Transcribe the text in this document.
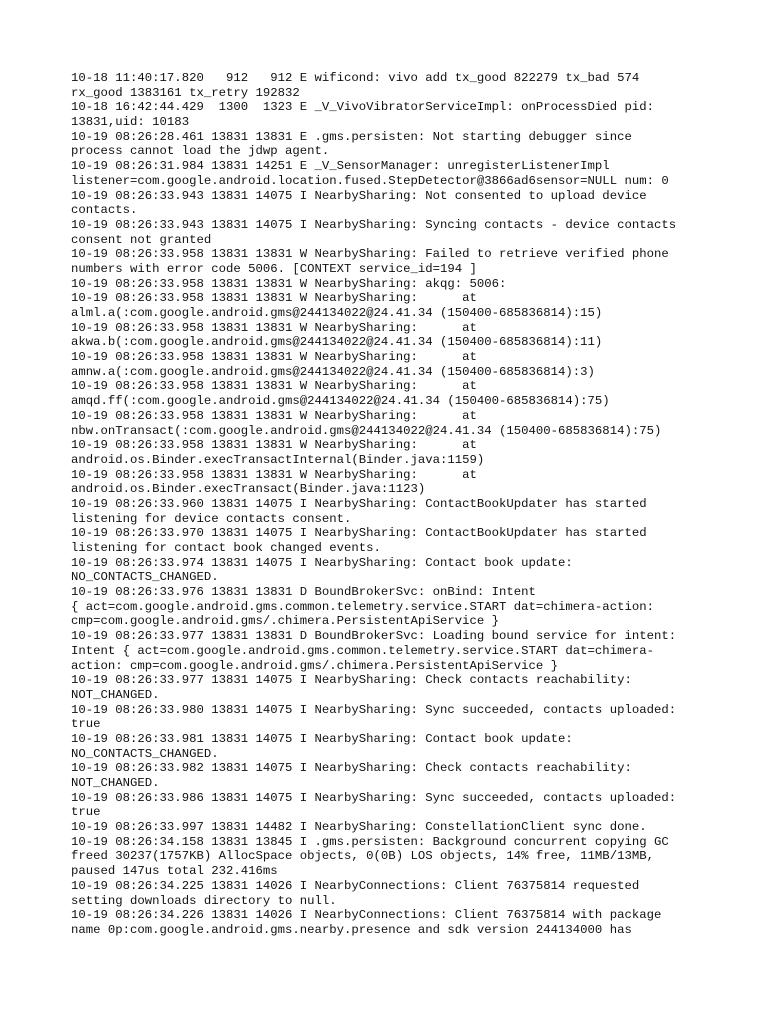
10-18 11:40:17.820   912   912 E wificond: vivo add tx_good 822279 tx_bad 574
rx_good 1383161 tx_retry 192832
10-18 16:42:44.429  1300  1323 E _V_VivoVibratorServiceImpl: onProcessDied pid:
13831,uid: 10183
10-19 08:26:28.461 13831 13831 E .gms.persisten: Not starting debugger since
process cannot load the jdwp agent.
10-19 08:26:31.984 13831 14251 E _V_SensorManager: unregisterListenerImpl
listener=com.google.android.location.fused.StepDetector@3866ad6sensor=NULL num: 0
10-19 08:26:33.943 13831 14075 I NearbySharing: Not consented to upload device
contacts.
10-19 08:26:33.943 13831 14075 I NearbySharing: Syncing contacts - device contacts
consent not granted
10-19 08:26:33.958 13831 13831 W NearbySharing: Failed to retrieve verified phone
numbers with error code 5006. [CONTEXT service_id=194 ]
10-19 08:26:33.958 13831 13831 W NearbySharing: akqg: 5006:
10-19 08:26:33.958 13831 13831 W NearbySharing:      at
alml.a(:com.google.android.gms@244134022@24.41.34 (150400-685836814):15)
10-19 08:26:33.958 13831 13831 W NearbySharing:      at
akwa.b(:com.google.android.gms@244134022@24.41.34 (150400-685836814):11)
10-19 08:26:33.958 13831 13831 W NearbySharing:      at
amnw.a(:com.google.android.gms@244134022@24.41.34 (150400-685836814):3)
10-19 08:26:33.958 13831 13831 W NearbySharing:      at
amqd.ff(:com.google.android.gms@244134022@24.41.34 (150400-685836814):75)
10-19 08:26:33.958 13831 13831 W NearbySharing:      at
nbw.onTransact(:com.google.android.gms@244134022@24.41.34 (150400-685836814):75)
10-19 08:26:33.958 13831 13831 W NearbySharing:      at
android.os.Binder.execTransactInternal(Binder.java:1159)
10-19 08:26:33.958 13831 13831 W NearbySharing:      at
android.os.Binder.execTransact(Binder.java:1123)
10-19 08:26:33.960 13831 14075 I NearbySharing: ContactBookUpdater has started
listening for device contacts consent.
10-19 08:26:33.970 13831 14075 I NearbySharing: ContactBookUpdater has started
listening for contact book changed events.
10-19 08:26:33.974 13831 14075 I NearbySharing: Contact book update:
NO_CONTACTS_CHANGED.
10-19 08:26:33.976 13831 13831 D BoundBrokerSvc: onBind: Intent
{ act=com.google.android.gms.common.telemetry.service.START dat=chimera-action:
cmp=com.google.android.gms/.chimera.PersistentApiService }
10-19 08:26:33.977 13831 13831 D BoundBrokerSvc: Loading bound service for intent:
Intent { act=com.google.android.gms.common.telemetry.service.START dat=chimera-
action: cmp=com.google.android.gms/.chimera.PersistentApiService }
10-19 08:26:33.977 13831 14075 I NearbySharing: Check contacts reachability:
NOT_CHANGED.
10-19 08:26:33.980 13831 14075 I NearbySharing: Sync succeeded, contacts uploaded:
true
10-19 08:26:33.981 13831 14075 I NearbySharing: Contact book update:
NO_CONTACTS_CHANGED.
10-19 08:26:33.982 13831 14075 I NearbySharing: Check contacts reachability:
NOT_CHANGED.
10-19 08:26:33.986 13831 14075 I NearbySharing: Sync succeeded, contacts uploaded:
true
10-19 08:26:33.997 13831 14482 I NearbySharing: ConstellationClient sync done.
10-19 08:26:34.158 13831 13845 I .gms.persisten: Background concurrent copying GC
freed 30237(1757KB) AllocSpace objects, 0(0B) LOS objects, 14% free, 11MB/13MB,
paused 147us total 232.416ms
10-19 08:26:34.225 13831 14026 I NearbyConnections: Client 76375814 requested
setting downloads directory to null.
10-19 08:26:34.226 13831 14026 I NearbyConnections: Client 76375814 with package
name 0p:com.google.android.gms.nearby.presence and sdk version 244134000 has
